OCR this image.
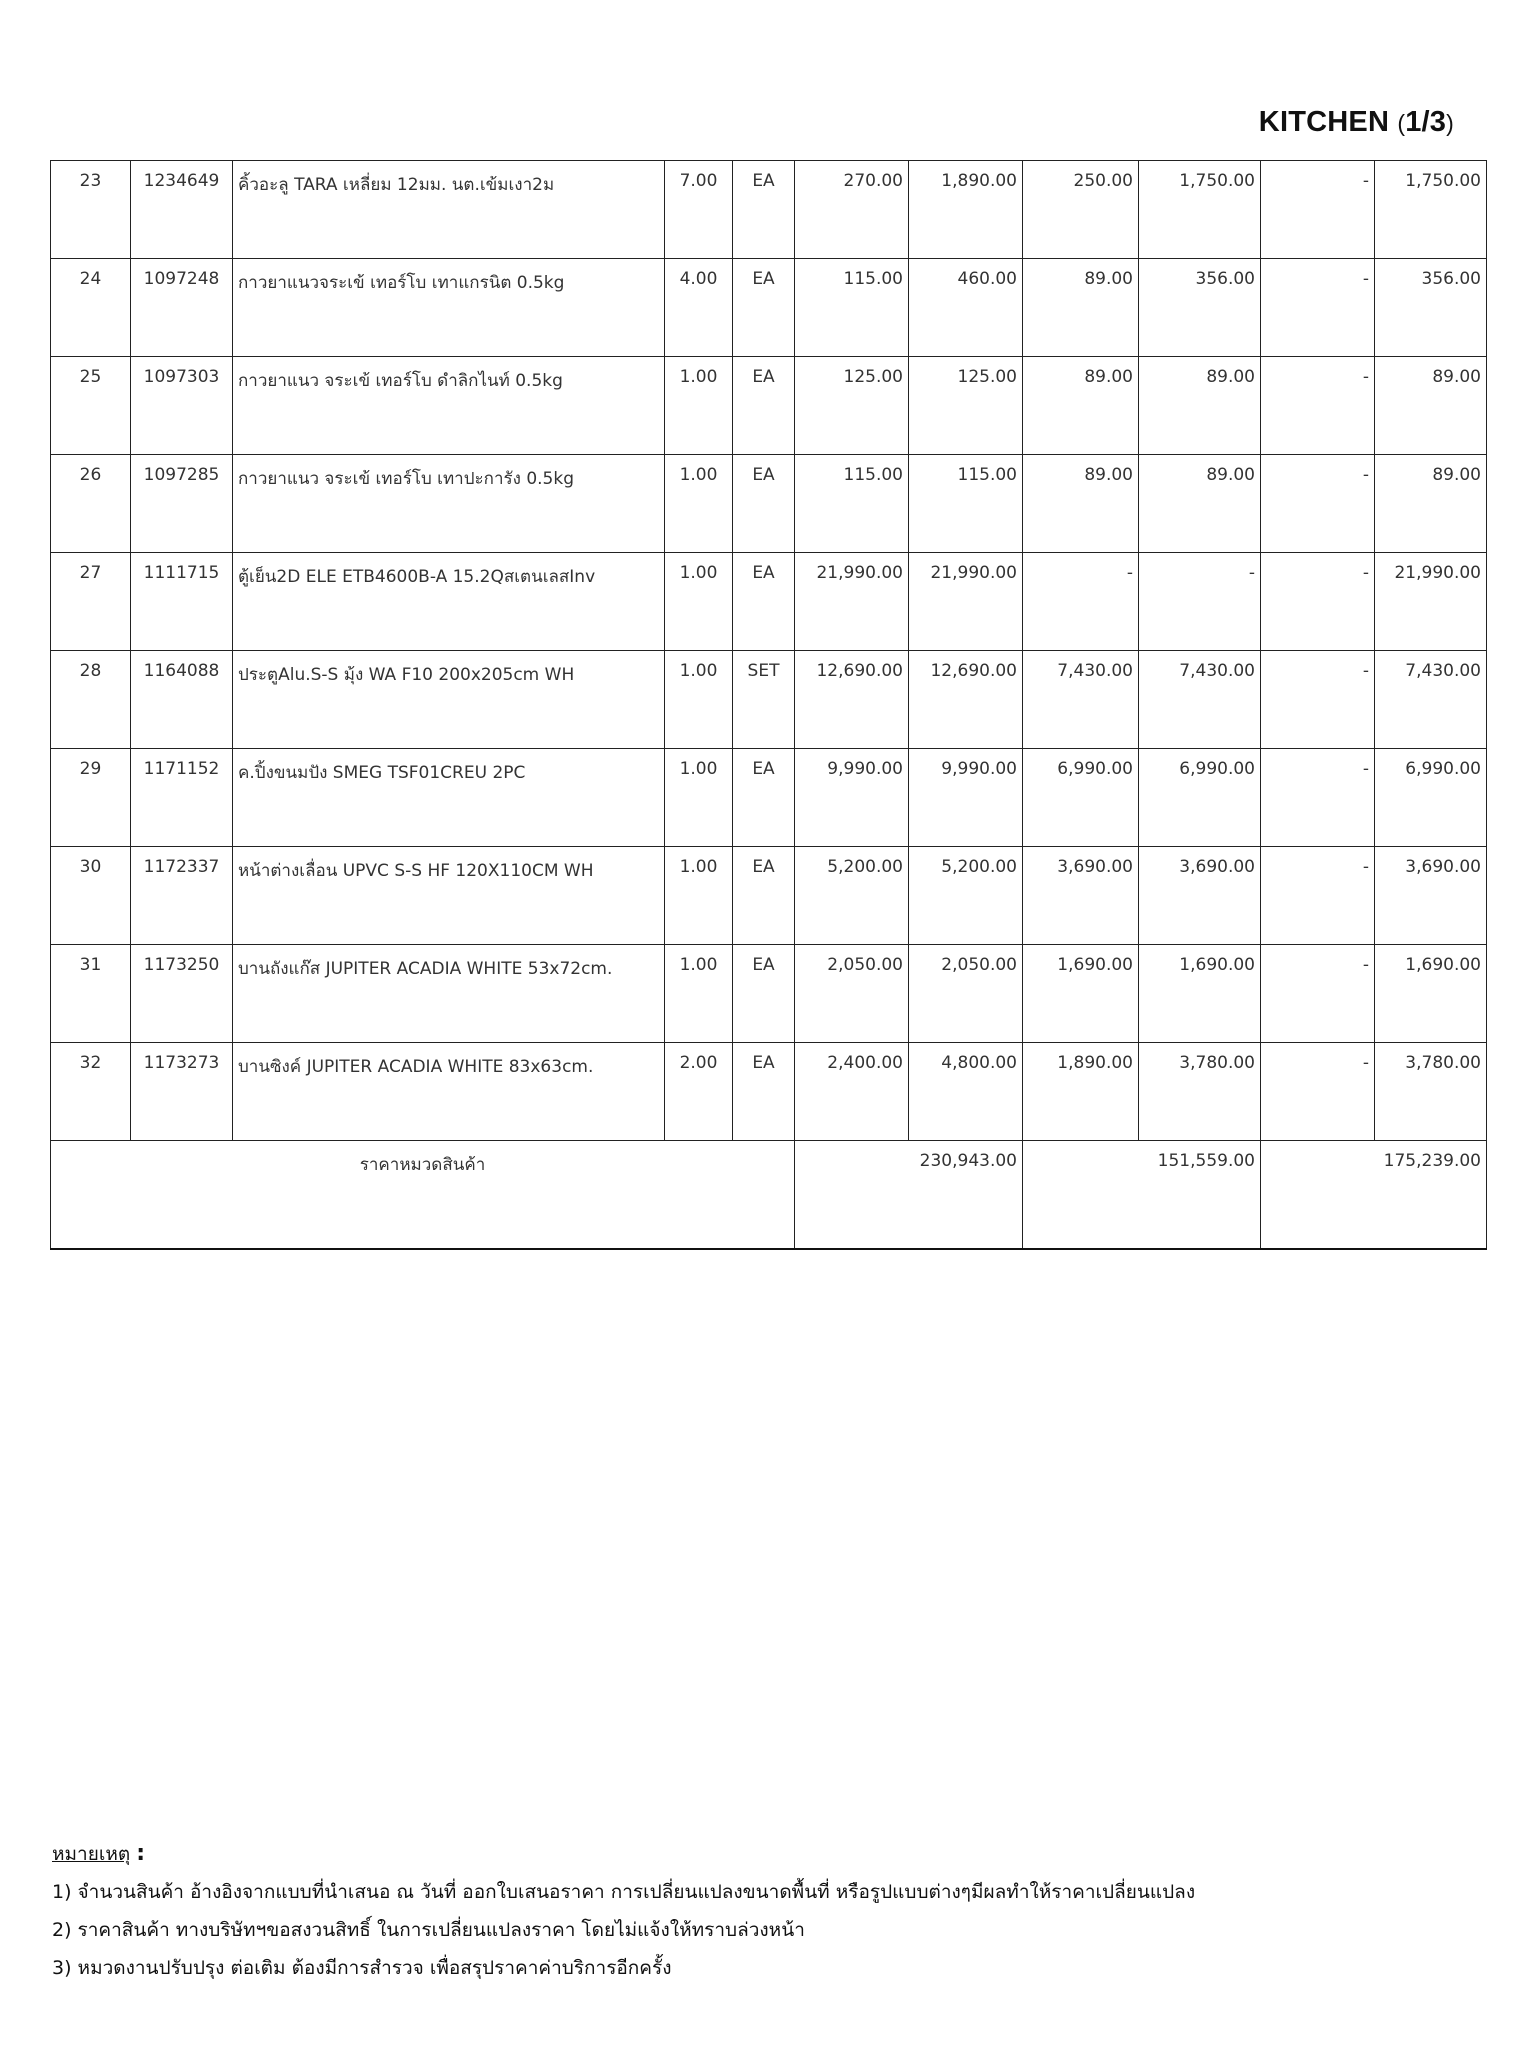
KITCHEN (1/3)
23	1234649	คิ้วอะลู TARA เหลี่ยม 12มม. นต.เข้มเงา2ม	7.00	EA	270.00	1,890.00	250.00	1,750.00	-	1,750.00
24	1097248	กาวยาแนวจระเข้ เทอร์โบ เทาแกรนิต 0.5kg	4.00	EA	115.00	460.00	89.00	356.00	-	356.00
25	1097303	กาวยาแนว จระเข้ เทอร์โบ ดำลิกไนท์ 0.5kg	1.00	EA	125.00	125.00	89.00	89.00	-	89.00
26	1097285	กาวยาแนว จระเข้ เทอร์โบ เทาปะการัง 0.5kg	1.00	EA	115.00	115.00	89.00	89.00	-	89.00
27	1111715	ตู้เย็น2D ELE ETB4600B-A 15.2QสเตนเลสInv	1.00	EA	21,990.00	21,990.00	-	-	-	21,990.00
28	1164088	ประตูAlu.S-S มุ้ง WA F10 200x205cm WH	1.00	SET	12,690.00	12,690.00	7,430.00	7,430.00	-	7,430.00
29	1171152	ค.ปิ้งขนมปัง SMEG TSF01CREU 2PC	1.00	EA	9,990.00	9,990.00	6,990.00	6,990.00	-	6,990.00
30	1172337	หน้าต่างเลื่อน UPVC S-S HF 120X110CM WH	1.00	EA	5,200.00	5,200.00	3,690.00	3,690.00	-	3,690.00
31	1173250	บานถังแก๊ส JUPITER ACADIA WHITE 53x72cm.	1.00	EA	2,050.00	2,050.00	1,690.00	1,690.00	-	1,690.00
32	1173273	บานซิงค์ JUPITER ACADIA WHITE 83x63cm.	2.00	EA	2,400.00	4,800.00	1,890.00	3,780.00	-	3,780.00
ราคาหมวดสินค้า					230,943.00		151,559.00		175,239.00	
หมายเหตุ :
1) จำนวนสินค้า อ้างอิงจากแบบที่นำเสนอ ณ วันที่ ออกใบเสนอราคา การเปลี่ยนแปลงขนาดพื้นที่ หรือรูปแบบต่างๆมีผลทำให้ราคาเปลี่ยนแปลง
2) ราคาสินค้า ทางบริษัทฯขอสงวนสิทธิ์ ในการเปลี่ยนแปลงราคา โดยไม่แจ้งให้ทราบล่วงหน้า
3) หมวดงานปรับปรุง ต่อเติม ต้องมีการสำรวจ เพื่อสรุปราคาค่าบริการอีกครั้ง
